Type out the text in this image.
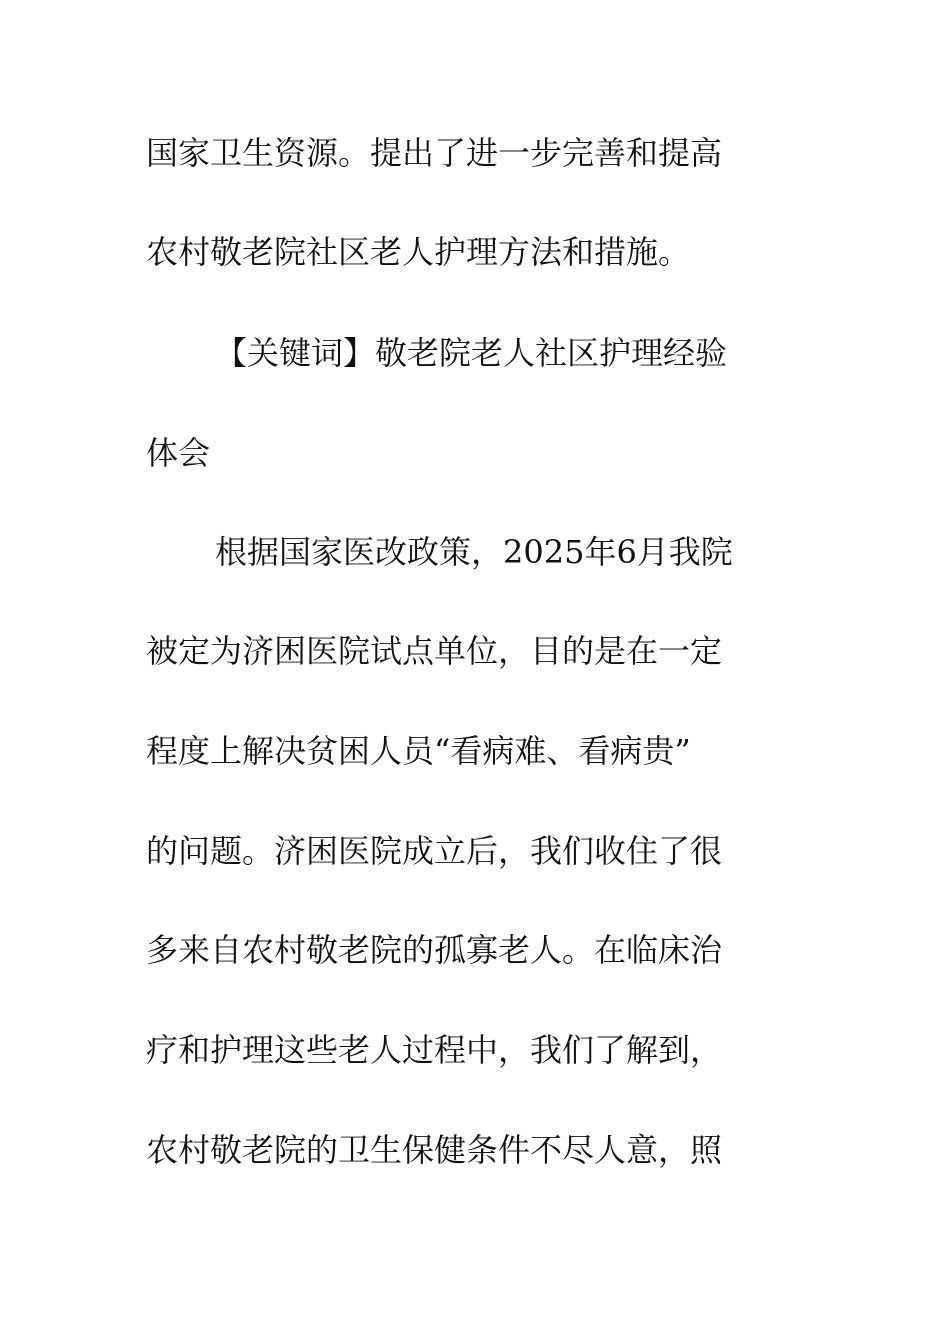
国家卫生资源。提出了进一步完善和提高
农村敬老院社区老人护理方法和措施。
【关键词】敬老院老人社区护理经验
体会
根据国家医改政策，2025年6月我院
被定为济困医院试点单位，目的是在一定
程度上解决贫困人员“看病难、看病贵”
的问题。济困医院成立后，我们收住了很
多来自农村敬老院的孤寡老人。在临床治
疗和护理这些老人过程中，我们了解到，
农村敬老院的卫生保健条件不尽人意，照
